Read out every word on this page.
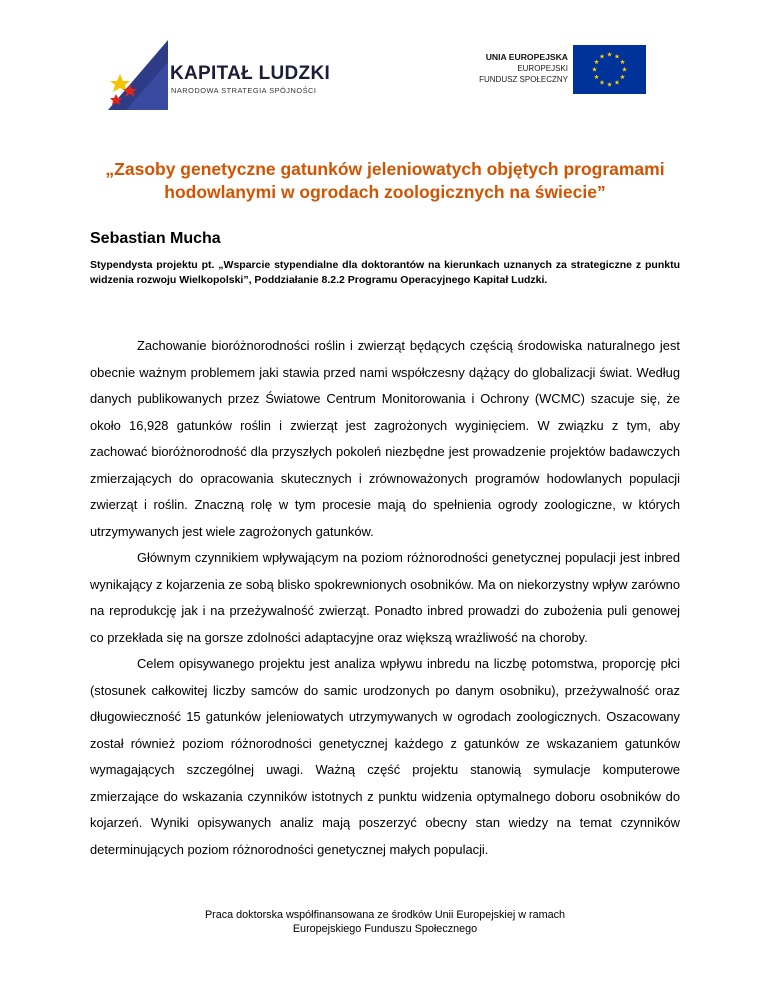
KAPITAŁ LUDZKI
NARODOWA STRATEGIA SPÓJNOŚCI
UNIA EUROPEJSKA
EUROPEJSKI
FUNDUSZ SPOŁECZNY
„Zasoby genetyczne gatunków jeleniowatych objętych programami
hodowlanymi w ogrodach zoologicznych na świecie”
Sebastian Mucha
Stypendysta projektu pt. „Wsparcie stypendialne dla doktorantów na kierunkach uznanych za strategiczne z punktu widzenia rozwoju Wielkopolski”, Poddziałanie 8.2.2 Programu Operacyjnego Kapitał Ludzki.

Zachowanie bioróżnorodności roślin i zwierząt będących częścią środowiska naturalnego jest obecnie ważnym problemem jaki stawia przed nami współczesny dążący do globalizacji świat. Według danych publikowanych przez Światowe Centrum Monitorowania i Ochrony (WCMC) szacuje się, że około 16,928 gatunków roślin i zwierząt jest zagrożonych wyginięciem. W związku z tym, aby zachować bioróżnorodność dla przyszłych pokoleń niezbędne jest prowadzenie projektów badawczych zmierzających do opracowania skutecznych i zrównoważonych programów hodowlanych populacji zwierząt i roślin. Znaczną rolę w tym procesie mają do spełnienia ogrody zoologiczne, w których utrzymywanych jest wiele zagrożonych gatunków.

Głównym czynnikiem wpływającym na poziom różnorodności genetycznej populacji jest inbred wynikający z kojarzenia ze sobą blisko spokrewnionych osobników. Ma on niekorzystny wpływ zarówno na reprodukcję jak i na przeżywalność zwierząt. Ponadto inbred prowadzi do zubożenia puli genowej co przekłada się na gorsze zdolności adaptacyjne oraz większą wrażliwość na choroby.

Celem opisywanego projektu jest analiza wpływu inbredu na liczbę potomstwa, proporcję płci (stosunek całkowitej liczby samców do samic urodzonych po danym osobniku), przeżywalność oraz długowieczność 15 gatunków jeleniowatych utrzymywanych w ogrodach zoologicznych. Oszacowany został również poziom różnorodności genetycznej każdego z gatunków ze wskazaniem gatunków wymagających szczególnej uwagi. Ważną część projektu stanowią symulacje komputerowe zmierzające do wskazania czynników istotnych z punktu widzenia optymalnego doboru osobników do kojarzeń. Wyniki opisywanych analiz mają poszerzyć obecny stan wiedzy na temat czynników determinujących poziom różnorodności genetycznej małych populacji.

Praca doktorska współfinansowana ze środków Unii Europejskiej w ramach
Europejskiego Funduszu Społecznego
